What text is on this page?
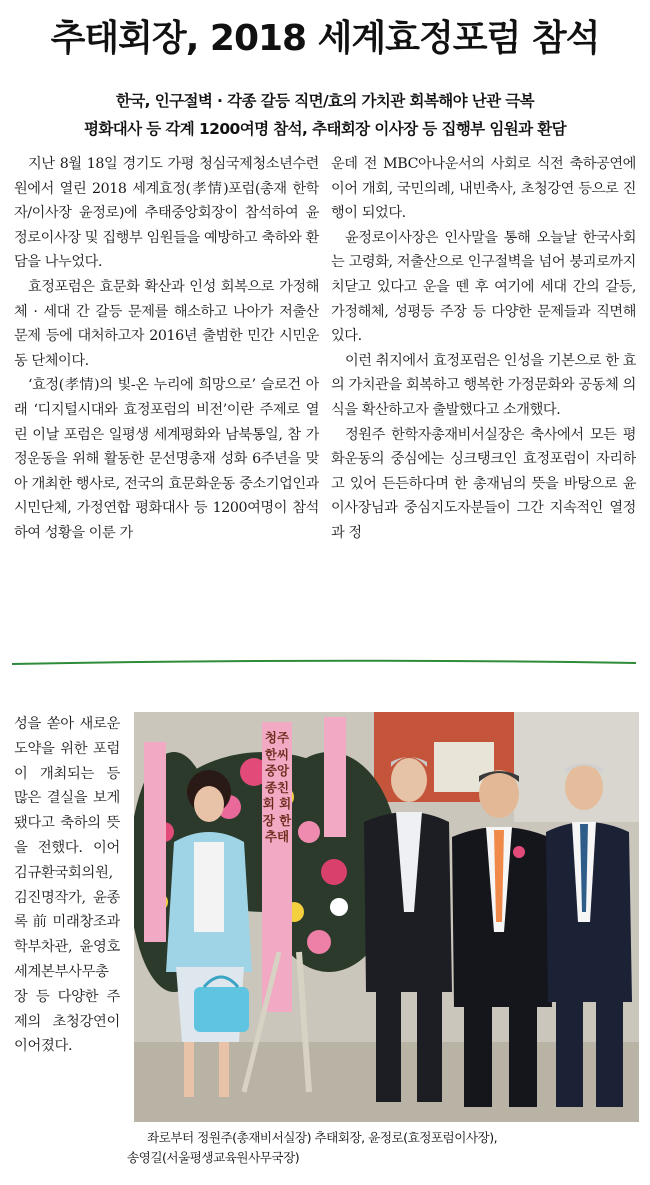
추태회장, 2018 세계효정포럼 참석
한국, 인구절벽 · 각종 갈등 직면/효의 가치관 회복해야 난관 극복
평화대사 등 각계 1200여명 참석, 추태회장 이사장 등 집행부 임원과 환담

지난 8월 18일 경기도 가평 청심국제청소년수련원에서 열린 2018 세계효정(孝情)포럼(총재 한학자/이사장 윤정로)에 추태중앙회장이 참석하여 윤정로이사장 및 집행부 임원들을 예방하고 축하와 환담을 나누었다.

효정포럼은 효문화 확산과 인성 회복으로 가정해체 · 세대 간 갈등 문제를 해소하고 나아가 저출산 문제 등에 대처하고자 2016년 출범한 민간 시민운동 단체이다.

‘효정(孝情)의 빛-온 누리에 희망으로’ 슬로건 아래 ‘디지털시대와 효정포럼의 비전’이란 주제로 열린 이날 포럼은 일평생 세계평화와 남북통일, 참 가정운동을 위해 활동한 문선명총재 성화 6주년을 맞아 개최한 행사로, 전국의 효문화운동 중소기업인과 시민단체, 가정연합 평화대사 등 1200여명이 참석하여 성황을 이룬 가

운데 전 MBC아나운서의 사회로 식전 축하공연에 이어 개회, 국민의례, 내빈축사, 초청강연 등으로 진행이 되었다.

윤정로이사장은 인사말을 통해 오늘날 한국사회는 고령화, 저출산으로 인구절벽을 넘어 붕괴로까지 치닫고 있다고 운을 뗀 후 여기에 세대 간의 갈등, 가정해체, 성평등 주장 등 다양한 문제들과 직면해 있다.

이런 취지에서 효정포럼은 인성을 기본으로 한 효의 가치관을 회복하고 행복한 가정문화와 공동체 의식을 확산하고자 출발했다고 소개했다.

정원주 한학자총재비서실장은 축사에서 모든 평화운동의 중심에는 싱크탱크인 효정포럼이 자리하고 있어 든든하다며 한 총재님의 뜻을 바탕으로 윤이사장님과 중심지도자분들이 그간 지속적인 열정과 정

성을 쏟아 새로운 도약을 위한 포럼이 개최되는 등 많은 결실을 보게 됐다고 축하의 뜻을 전했다. 이어 김규환국회의원, 김진명작가, 윤종록 前 미래창조과학부차관, 윤영호세계본부사무총장 등 다양한 주제의 초청강연이 이어졌다.
청주한씨중앙종친회 회장 한추태
좌로부터 정원주(총재비서실장) 추태회장, 윤정로(효정포럼이사장),
송영길(서울평생교육원사무국장)
